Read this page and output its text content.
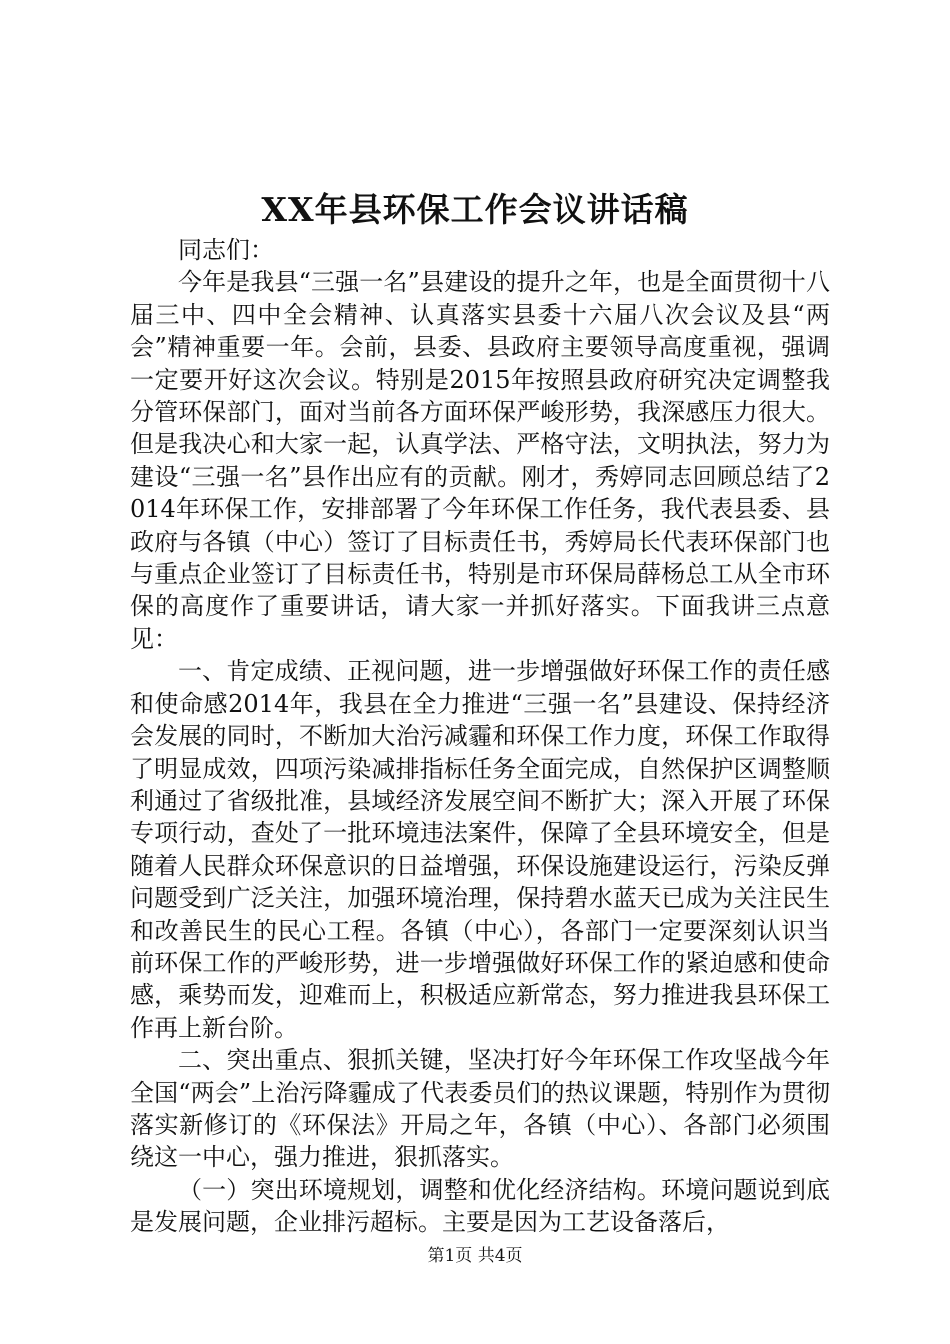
XX年县环保工作会议讲话稿

同志们：

今年是我县“三强一名”县建设的提升之年，也是全面贯彻十八届三中、四中全会精神、认真落实县委十六届八次会议及县“两会”精神重要一年。会前，县委、县政府主要领导高度重视，强调一定要开好这次会议。特别是2015年按照县政府研究决定调整我分管环保部门，面对当前各方面环保严峻形势，我深感压力很大。但是我决心和大家一起，认真学法、严格守法，文明执法，努力为建设“三强一名”县作出应有的贡献。刚才，秀婷同志回顾总结了2014年环保工作，安排部署了今年环保工作任务，我代表县委、县政府与各镇（中心）签订了目标责任书，秀婷局长代表环保部门也与重点企业签订了目标责任书，特别是市环保局薛杨总工从全市环保的高度作了重要讲话，请大家一并抓好落实。下面我讲三点意见：

一、肯定成绩、正视问题，进一步增强做好环保工作的责任感和使命感2014年，我县在全力推进“三强一名”县建设、保持经济会发展的同时，不断加大治污减霾和环保工作力度，环保工作取得了明显成效，四项污染减排指标任务全面完成，自然保护区调整顺利通过了省级批准，县域经济发展空间不断扩大；深入开展了环保专项行动，查处了一批环境违法案件，保障了全县环境安全，但是随着人民群众环保意识的日益增强，环保设施建设运行，污染反弹问题受到广泛关注，加强环境治理，保持碧水蓝天已成为关注民生和改善民生的民心工程。各镇（中心），各部门一定要深刻认识当前环保工作的严峻形势，进一步增强做好环保工作的紧迫感和使命感，乘势而发，迎难而上，积极适应新常态，努力推进我县环保工作再上新台阶。

二、突出重点、狠抓关键，坚决打好今年环保工作攻坚战今年全国“两会”上治污降霾成了代表委员们的热议课题，特别作为贯彻落实新修订的《环保法》开局之年，各镇（中心）、各部门必须围绕这一中心，强力推进，狠抓落实。

（一）突出环境规划，调整和优化经济结构。环境问题说到底是发展问题，企业排污超标。主要是因为工艺设备落后，

第1页 共4页
